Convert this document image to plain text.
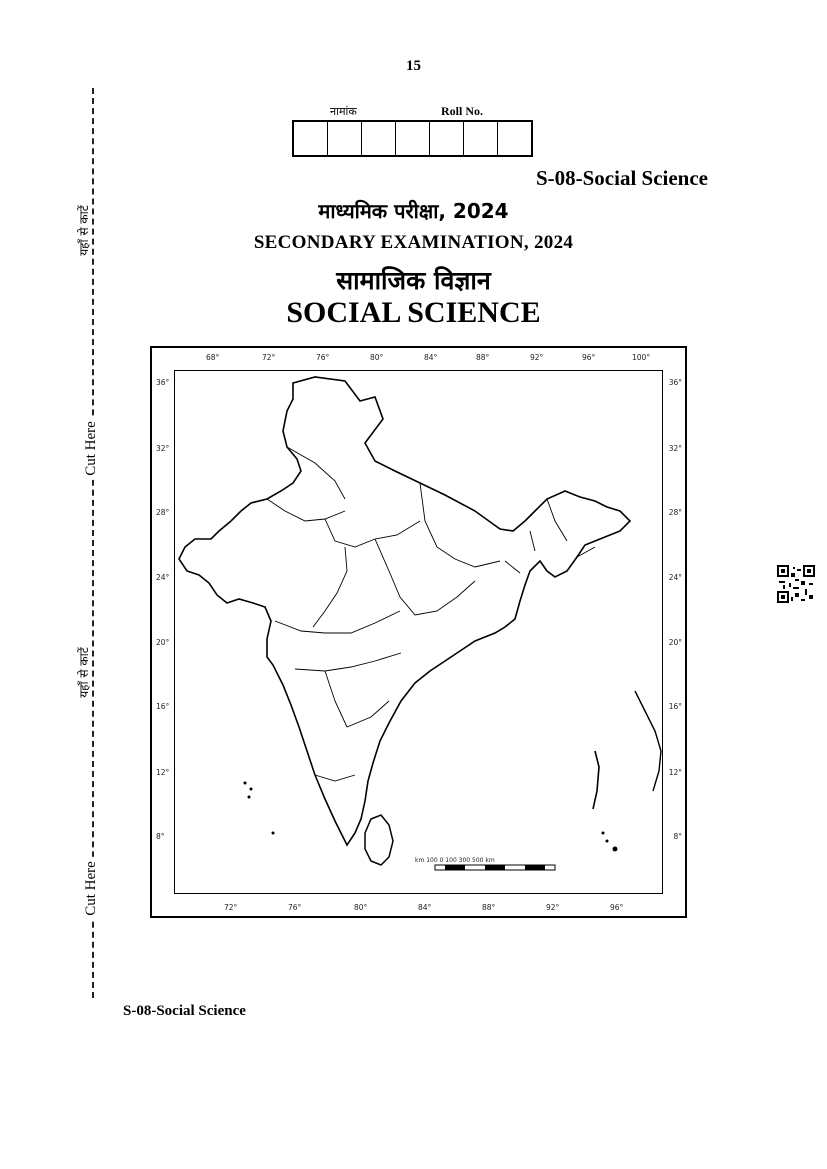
15
यहाँ से काटें
Cut Here
यहाँ से काटें
Cut Here
नामांक	Roll No.
S-08-Social Science
माध्यमिक परीक्षा, 2024
SECONDARY EXAMINATION, 2024
सामाजिक विज्ञान
SOCIAL SCIENCE
km 100 0 100 300 500 km
68°	72°	76°	80°	84°	88°	92°	96°	100°
72°	76°	80°	84°	88°	92°	96°
36°
32°
28°
24°
20°
16°
12°
8°
36°
32°
28°
24°
20°
16°
12°
8°
S-08-Social Science
